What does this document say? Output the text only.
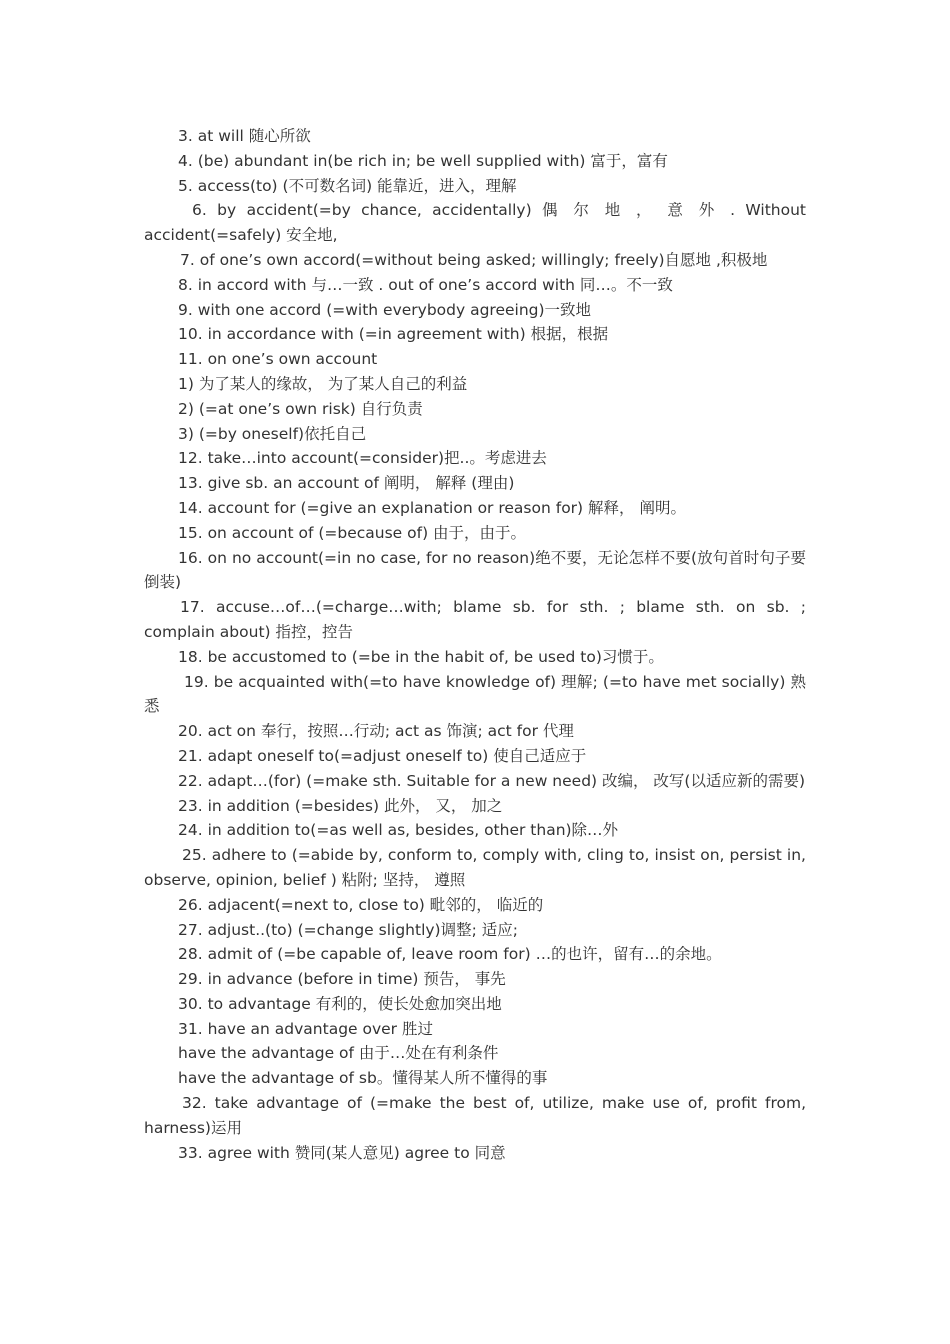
3. at will 随心所欲

4. (be) abundant in(be rich in; be well supplied with) 富于，富有

5. access(to) (不可数名词) 能靠近，进入，理解

6. by accident(=by chance, accidentally) 偶 尔 地 ， 意 外 . Without accident(=safely) 安全地,

7. of one’s own accord(=without being asked; willingly; freely)自愿地 ,积极地

8. in accord with 与…一致 . out of one’s accord with 同…。不一致

9. with one accord (=with everybody agreeing)一致地

10. in accordance with (=in agreement with) 根据，根据

11. on one’s own account

1) 为了某人的缘故， 为了某人自己的利益

2) (=at one’s own risk) 自行负责

3) (=by oneself)依托自己

12. take…into account(=consider)把..。考虑进去

13. give sb. an account of 阐明， 解释 (理由)

14. account for (=give an explanation or reason for) 解释， 阐明。

15. on account of (=because of) 由于，由于。

16. on no account(=in no case, for no reason)绝不要，无论怎样不要(放句首时句子要倒装)

17. accuse…of…(=charge…with; blame sb. for sth. ; blame sth. on sb. ; complain about) 指控，控告

18. be accustomed to (=be in the habit of, be used to)习惯于。

19. be acquainted with(=to have knowledge of) 理解; (=to have met socially) 熟悉

20. act on 奉行，按照…行动; act as 饰演; act for 代理

21. adapt oneself to(=adjust oneself to) 使自己适应于

22. adapt…(for) (=make sth. Suitable for a new need) 改编， 改写(以适应新的需要)

23. in addition (=besides) 此外， 又， 加之

24. in addition to(=as well as, besides, other than)除…外

25. adhere to (=abide by, conform to, comply with, cling to, insist on, persist in, observe, opinion, belief ) 粘附; 坚持， 遵照

26. adjacent(=next to, close to) 毗邻的， 临近的

27. adjust..(to) (=change slightly)调整; 适应;

28. admit of (=be capable of, leave room for) …的也许，留有…的余地。

29. in advance (before in time) 预告， 事先

30. to advantage 有利的，使长处愈加突出地

31. have an advantage over 胜过

have the advantage of 由于…处在有利条件

have the advantage of sb。懂得某人所不懂得的事

32. take advantage of (=make the best of, utilize, make use of, profit from, harness)运用

33. agree with 赞同(某人意见) agree to 同意
